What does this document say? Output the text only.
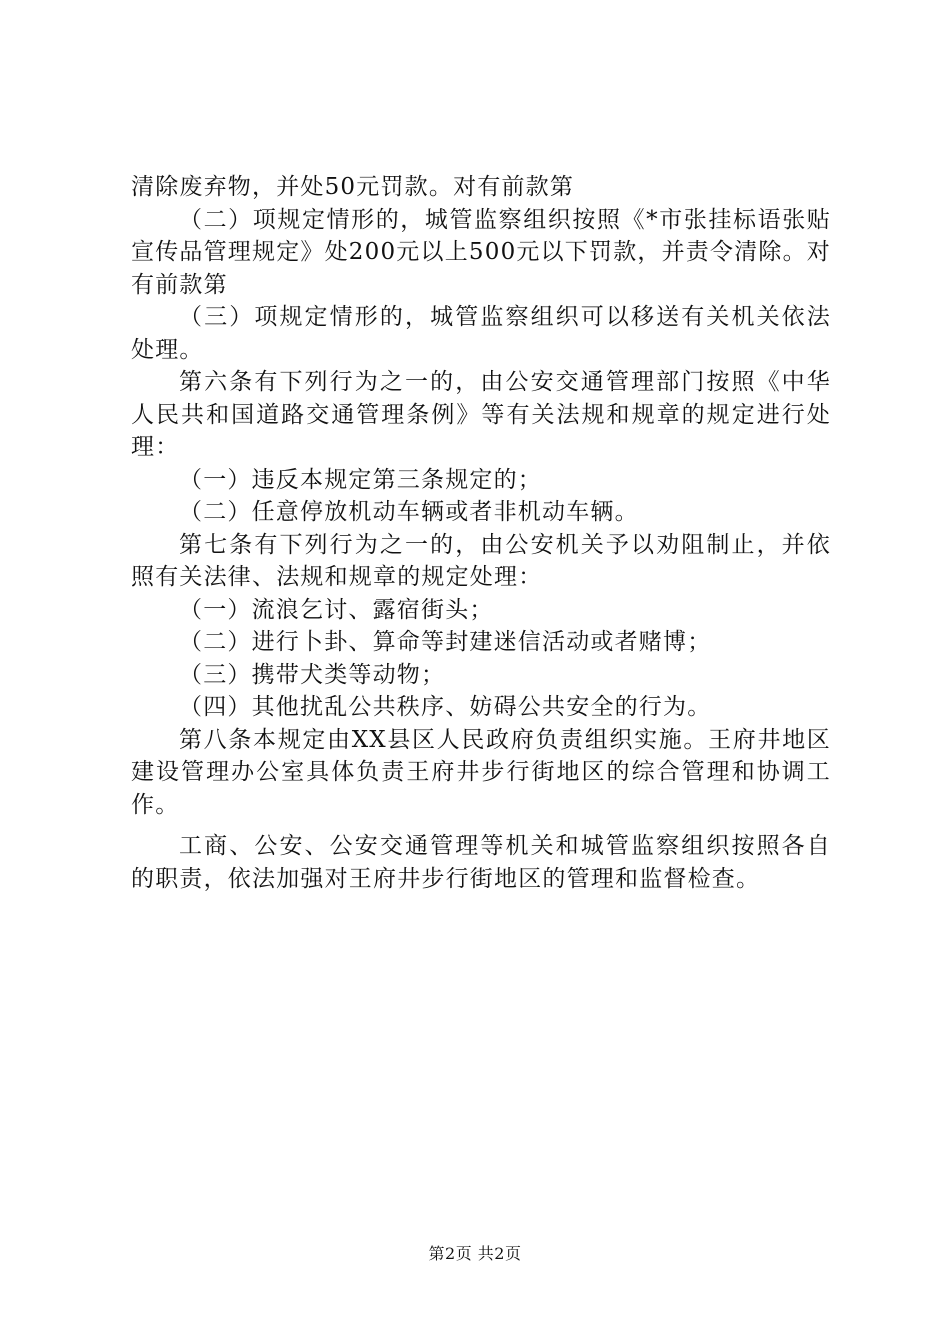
清除废弃物，并处50元罚款。对有前款第

（二）项规定情形的，城管监察组织按照《*市张挂标语张贴宣传品管理规定》处200元以上500元以下罚款，并责令清除。对有前款第

（三）项规定情形的，城管监察组织可以移送有关机关依法处理。

第六条有下列行为之一的，由公安交通管理部门按照《中华人民共和国道路交通管理条例》等有关法规和规章的规定进行处理：

（一）违反本规定第三条规定的；

（二）任意停放机动车辆或者非机动车辆。

第七条有下列行为之一的，由公安机关予以劝阻制止，并依照有关法律、法规和规章的规定处理：

（一）流浪乞讨、露宿街头；

（二）进行卜卦、算命等封建迷信活动或者赌博；

（三）携带犬类等动物；

（四）其他扰乱公共秩序、妨碍公共安全的行为。

第八条本规定由XX县区人民政府负责组织实施。王府井地区建设管理办公室具体负责王府井步行街地区的综合管理和协调工作。

工商、公安、公安交通管理等机关和城管监察组织按照各自的职责，依法加强对王府井步行街地区的管理和监督检查。

第2页 共2页
